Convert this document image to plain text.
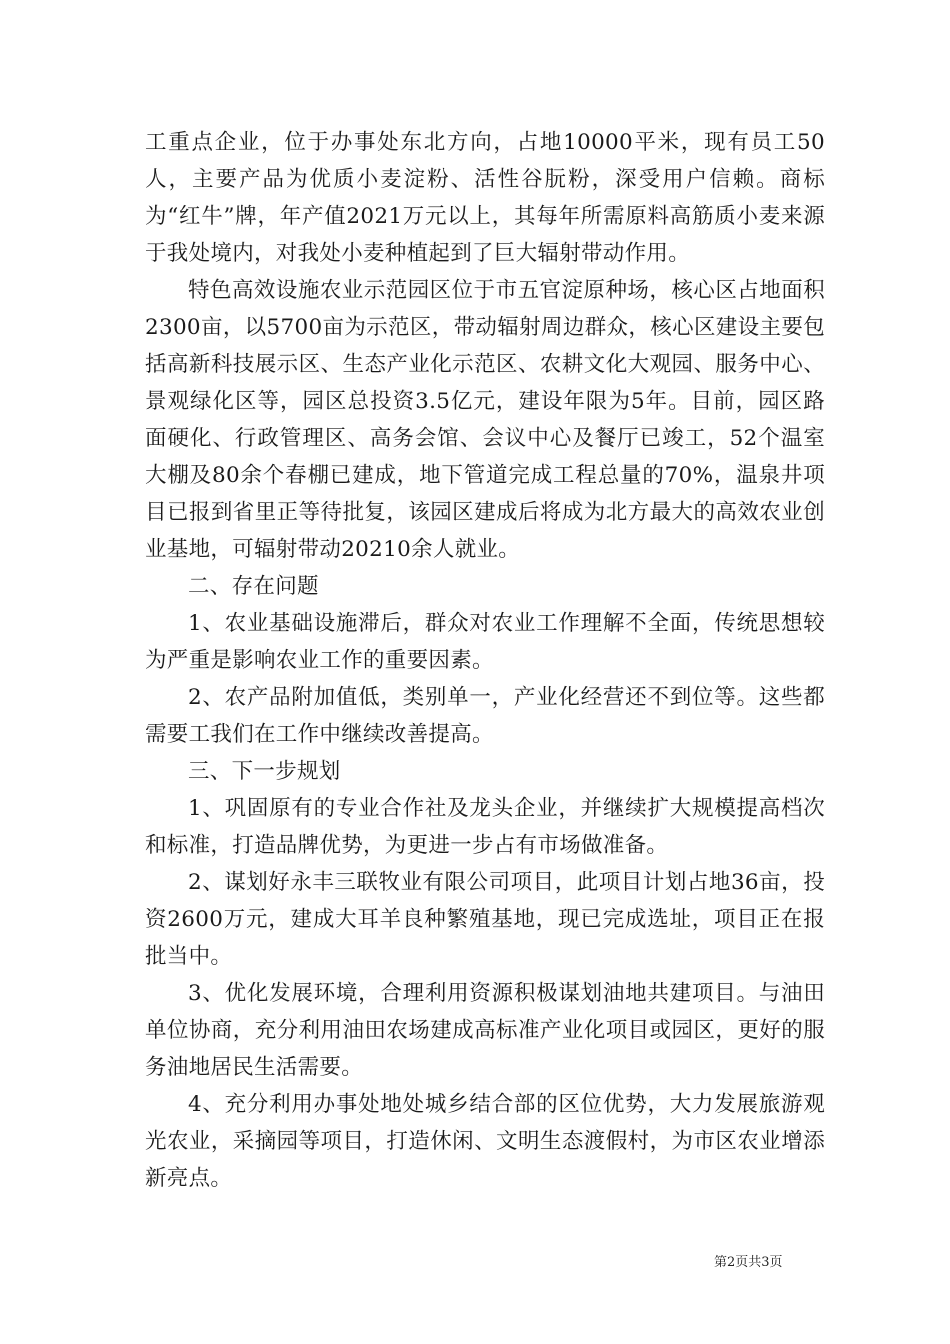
工重点企业，位于办事处东北方向，占地10000平米，现有员工50人，主要产品为优质小麦淀粉、活性谷朊粉，深受用户信赖。商标为“红牛”牌，年产值2021万元以上，其每年所需原料高筋质小麦来源于我处境内，对我处小麦种植起到了巨大辐射带动作用。

特色高效设施农业示范园区位于市五官淀原种场，核心区占地面积2300亩，以5700亩为示范区，带动辐射周边群众，核心区建设主要包括高新科技展示区、生态产业化示范区、农耕文化大观园、服务中心、景观绿化区等，园区总投资3.5亿元，建设年限为5年。目前，园区路面硬化、行政管理区、高务会馆、会议中心及餐厅已竣工，52个温室大棚及80余个春棚已建成，地下管道完成工程总量的70%，温泉井项目已报到省里正等待批复，该园区建成后将成为北方最大的高效农业创业基地，可辐射带动20210余人就业。

二、存在问题

1、农业基础设施滞后，群众对农业工作理解不全面，传统思想较为严重是影响农业工作的重要因素。

2、农产品附加值低，类别单一，产业化经营还不到位等。这些都需要工我们在工作中继续改善提高。

三、下一步规划

1、巩固原有的专业合作社及龙头企业，并继续扩大规模提高档次和标准，打造品牌优势，为更进一步占有市场做准备。

2、谋划好永丰三联牧业有限公司项目，此项目计划占地36亩，投资2600万元，建成大耳羊良种繁殖基地，现已完成选址，项目正在报批当中。

3、优化发展环境，合理利用资源积极谋划油地共建项目。与油田单位协商，充分利用油田农场建成高标准产业化项目或园区，更好的服务油地居民生活需要。

4、充分利用办事处地处城乡结合部的区位优势，大力发展旅游观光农业，采摘园等项目，打造休闲、文明生态渡假村，为市区农业增添新亮点。

第2页共3页
